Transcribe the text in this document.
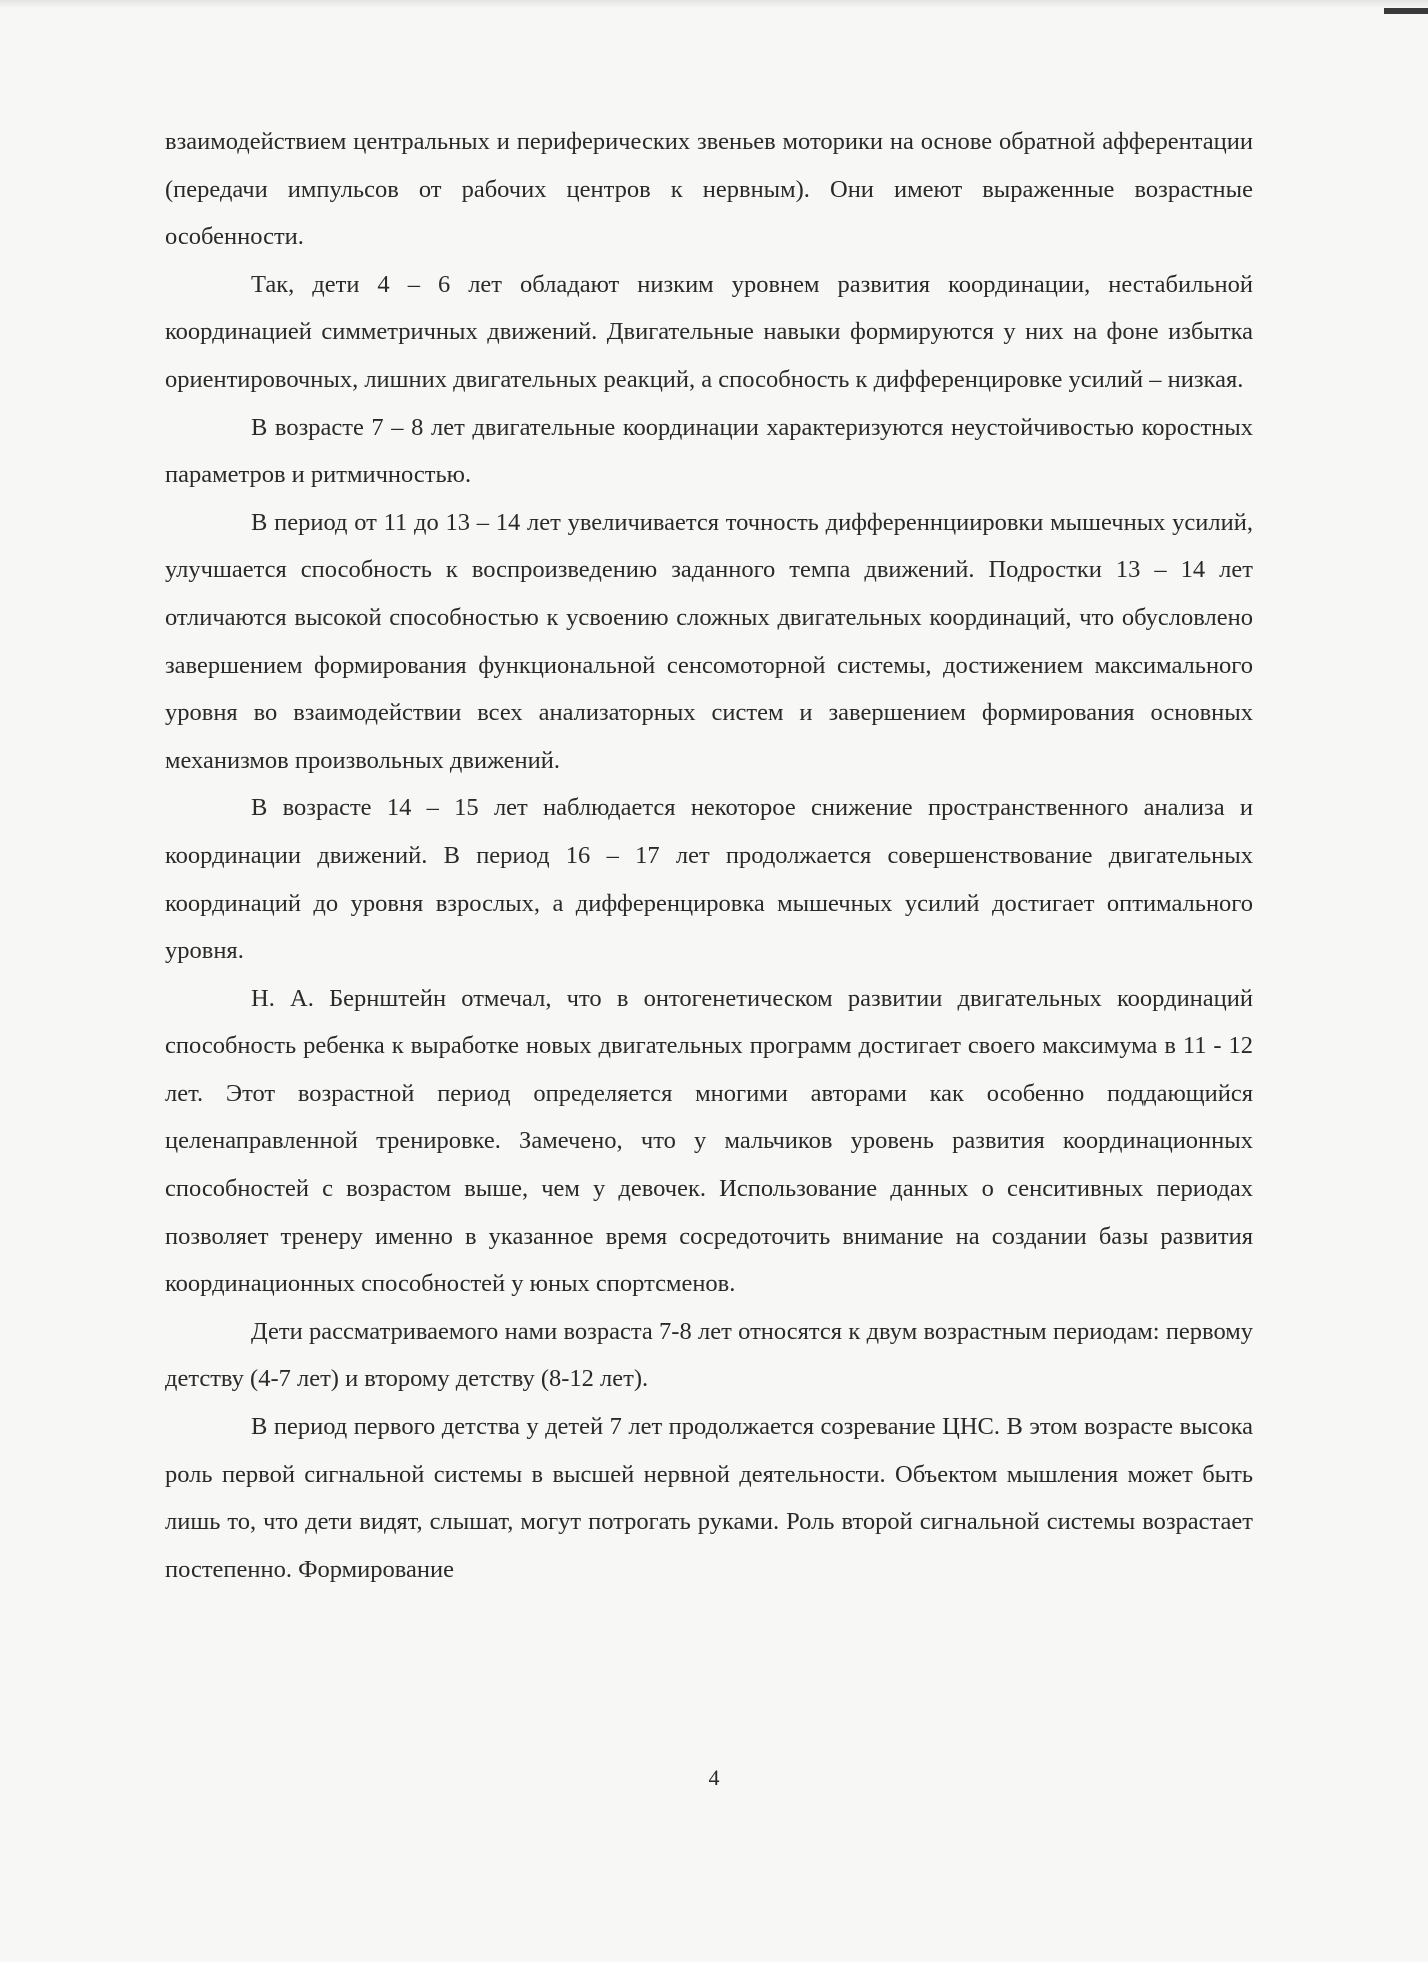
взаимодействием центральных и периферических звеньев моторики на основе обратной афферентации (передачи импульсов от рабочих центров к нервным). Они имеют выраженные возрастные особенности.

Так, дети 4 – 6 лет обладают низким уровнем развития координации, нестабильной координацией симметричных движений. Двигательные навыки формируются у них на фоне избытка ориентировочных, лишних двигательных реакций, а способность к дифференцировке усилий – низкая.

В возрасте 7 – 8 лет двигательные координации характеризуются неустойчивостью коростных параметров и ритмичностью.

В период от 11 до 13 – 14 лет увеличивается точность дифференнциировки мышечных усилий, улучшается способность к воспроизведению заданного темпа движений. Подростки 13 – 14 лет отличаются высокой способностью к усвоению сложных двигательных координаций, что обусловлено завершением формирования функциональной сенсомоторной системы, достижением максимального уровня во взаимодействии всех анализаторных систем и завершением формирования основных механизмов произвольных движений.

В возрасте 14 – 15 лет наблюдается некоторое снижение пространственного анализа и координации движений. В период 16 – 17 лет продолжается совершенствование двигательных координаций до уровня взрослых, а дифференцировка мышечных усилий достигает оптимального уровня.

Н. А. Бернштейн отмечал, что в онтогенетическом развитии двигательных координаций способность ребенка к выработке новых двигательных программ достигает своего максимума в 11 - 12 лет. Этот возрастной период определяется многими авторами как особенно поддающийся целенаправленной тренировке. Замечено, что у мальчиков уровень развития координационных способностей с возрастом выше, чем у девочек. Использование данных о сенситивных периодах позволяет тренеру именно в указанное время сосредоточить внимание на создании базы развития координационных способностей у юных спортсменов.

Дети рассматриваемого нами возраста 7-8 лет относятся к двум возрастным периодам: первому детству (4-7 лет) и второму детству (8-12 лет).

В период первого детства у детей 7 лет продолжается созревание ЦНС. В этом возрасте высока роль первой сигнальной системы в высшей нервной деятельности. Объектом мышления может быть лишь то, что дети видят, слышат, могут потрогать руками. Роль второй сигнальной системы возрастает постепенно. Формирование

4
